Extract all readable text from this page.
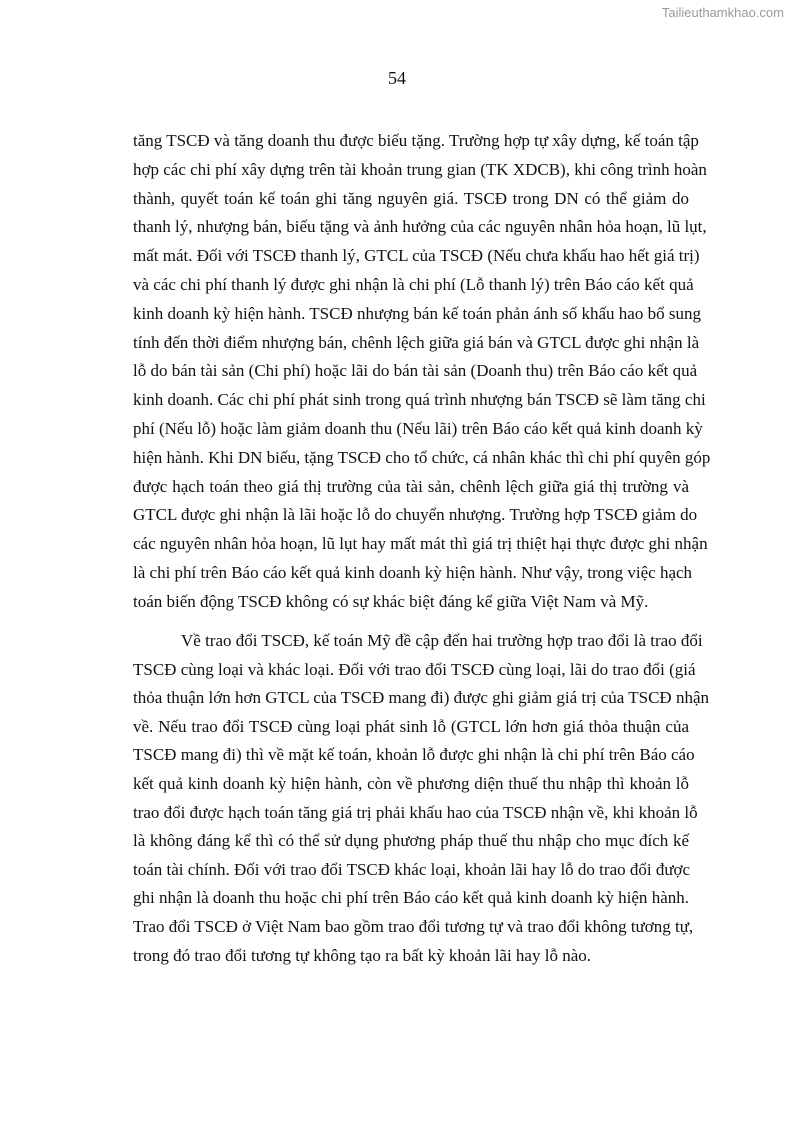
Tailieuthamkhao.com
54
tăng TSCĐ và tăng doanh thu được biếu tặng. Trường hợp tự xây dựng, kế toán tập
hợp các chi phí xây dựng trên tài khoản trung gian (TK XDCB), khi công trình hoàn
thành, quyết toán kế toán ghi tăng nguyên giá. TSCĐ trong DN có thể giảm do
thanh lý, nhượng bán, biếu tặng và ảnh hưởng của các nguyên nhân hỏa hoạn, lũ lụt,
mất mát. Đối với TSCĐ thanh lý, GTCL của TSCĐ (Nếu chưa khấu hao hết giá trị)
và các chi phí thanh lý được ghi nhận là chi phí (Lỗ thanh lý) trên Báo cáo kết quả
kinh doanh kỳ hiện hành. TSCĐ nhượng bán kế toán phản ánh số khấu hao bổ sung
tính đến thời điểm nhượng bán, chênh lệch giữa giá bán và GTCL được ghi nhận là
lỗ do bán tài sản (Chi phí) hoặc lãi do bán tài sản (Doanh thu) trên Báo cáo kết quả
kinh doanh. Các chi phí phát sinh trong quá trình nhượng bán TSCĐ sẽ làm tăng chi
phí (Nếu lỗ) hoặc làm giảm doanh thu (Nếu lãi) trên Báo cáo kết quả kinh doanh kỳ
hiện hành. Khi DN biếu, tặng TSCĐ cho tổ chức, cá nhân khác thì chi phí quyên góp
được hạch toán theo giá thị trường của tài sản, chênh lệch giữa giá thị trường và
GTCL được ghi nhận là lãi hoặc lỗ do chuyển nhượng. Trường hợp TSCĐ giảm do
các nguyên nhân hỏa hoạn, lũ lụt hay mất mát thì giá trị thiệt hại thực được ghi nhận
là chi phí trên Báo cáo kết quả kinh doanh kỳ hiện hành. Như vậy, trong việc hạch
toán biến động TSCĐ không có sự khác biệt đáng kể giữa Việt Nam và Mỹ.
Về trao đổi TSCĐ, kế toán Mỹ đề cập đến hai trường hợp trao đổi là trao đổi
TSCĐ cùng loại và khác loại. Đối với trao đổi TSCĐ cùng loại, lãi do trao đổi (giá
thỏa thuận lớn hơn GTCL của TSCĐ mang đi) được ghi giảm giá trị của TSCĐ nhận
về. Nếu trao đổi TSCĐ cùng loại phát sinh lỗ (GTCL lớn hơn giá thỏa thuận của
TSCĐ mang đi) thì về mặt kế toán, khoản lỗ được ghi nhận là chi phí trên Báo cáo
kết quả kinh doanh kỳ hiện hành, còn về phương diện thuế thu nhập thì khoản lỗ
trao đổi được hạch toán tăng giá trị phải khấu hao của TSCĐ nhận về, khi khoản lỗ
là không đáng kể thì có thể sử dụng phương pháp thuế thu nhập cho mục đích kế
toán tài chính. Đối với trao đổi TSCĐ khác loại, khoản lãi hay lỗ do trao đổi được
ghi nhận là doanh thu hoặc chi phí trên Báo cáo kết quả kinh doanh kỳ hiện hành.
Trao đổi TSCĐ ở Việt Nam bao gồm trao đổi tương tự và trao đổi không tương tự,
trong đó trao đổi tương tự không tạo ra bất kỳ khoản lãi hay lỗ nào.
